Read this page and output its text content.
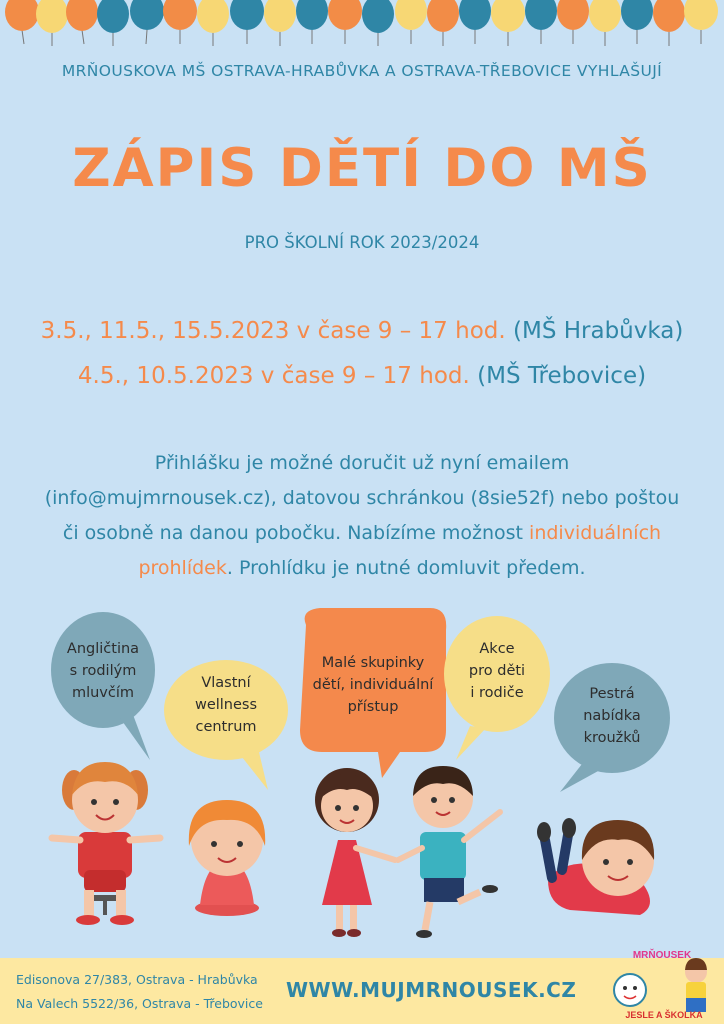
MRŇOUSKOVA MŠ OSTRAVA-HRABŮVKA A OSTRAVA-TŘEBOVICE VYHLAŠUJÍ
ZÁPIS DĚTÍ DO MŠ
PRO ŠKOLNÍ ROK 2023/2024
3.5., 11.5., 15.5.2023 v čase 9 – 17 hod. (MŠ Hrabůvka)
4.5., 10.5.2023 v čase 9 – 17 hod. (MŠ Třebovice)
Přihlášku je možné doručit už nyní emailem (info@mujmrnousek.cz), datovou schránkou (8sie52f) nebo poštou či osobně na danou pobočku. Nabízíme možnost individuálních prohlídek. Prohlídku je nutné domluvit předem.
Angličtina
s rodilým
mluvčím
Vlastní
wellness
centrum
Malé skupinky
dětí, individuální
přístup
Akce
pro děti
i rodiče	Pestrá
nabídka
kroužků
Edisonova 27/383, Ostrava - Hrabůvka
Na Valech 5522/36, Ostrava - Třebovice
WWW.MUJMRNOUSEK.CZ
MRŇOUSEK
JESLE A ŠKOLKA
